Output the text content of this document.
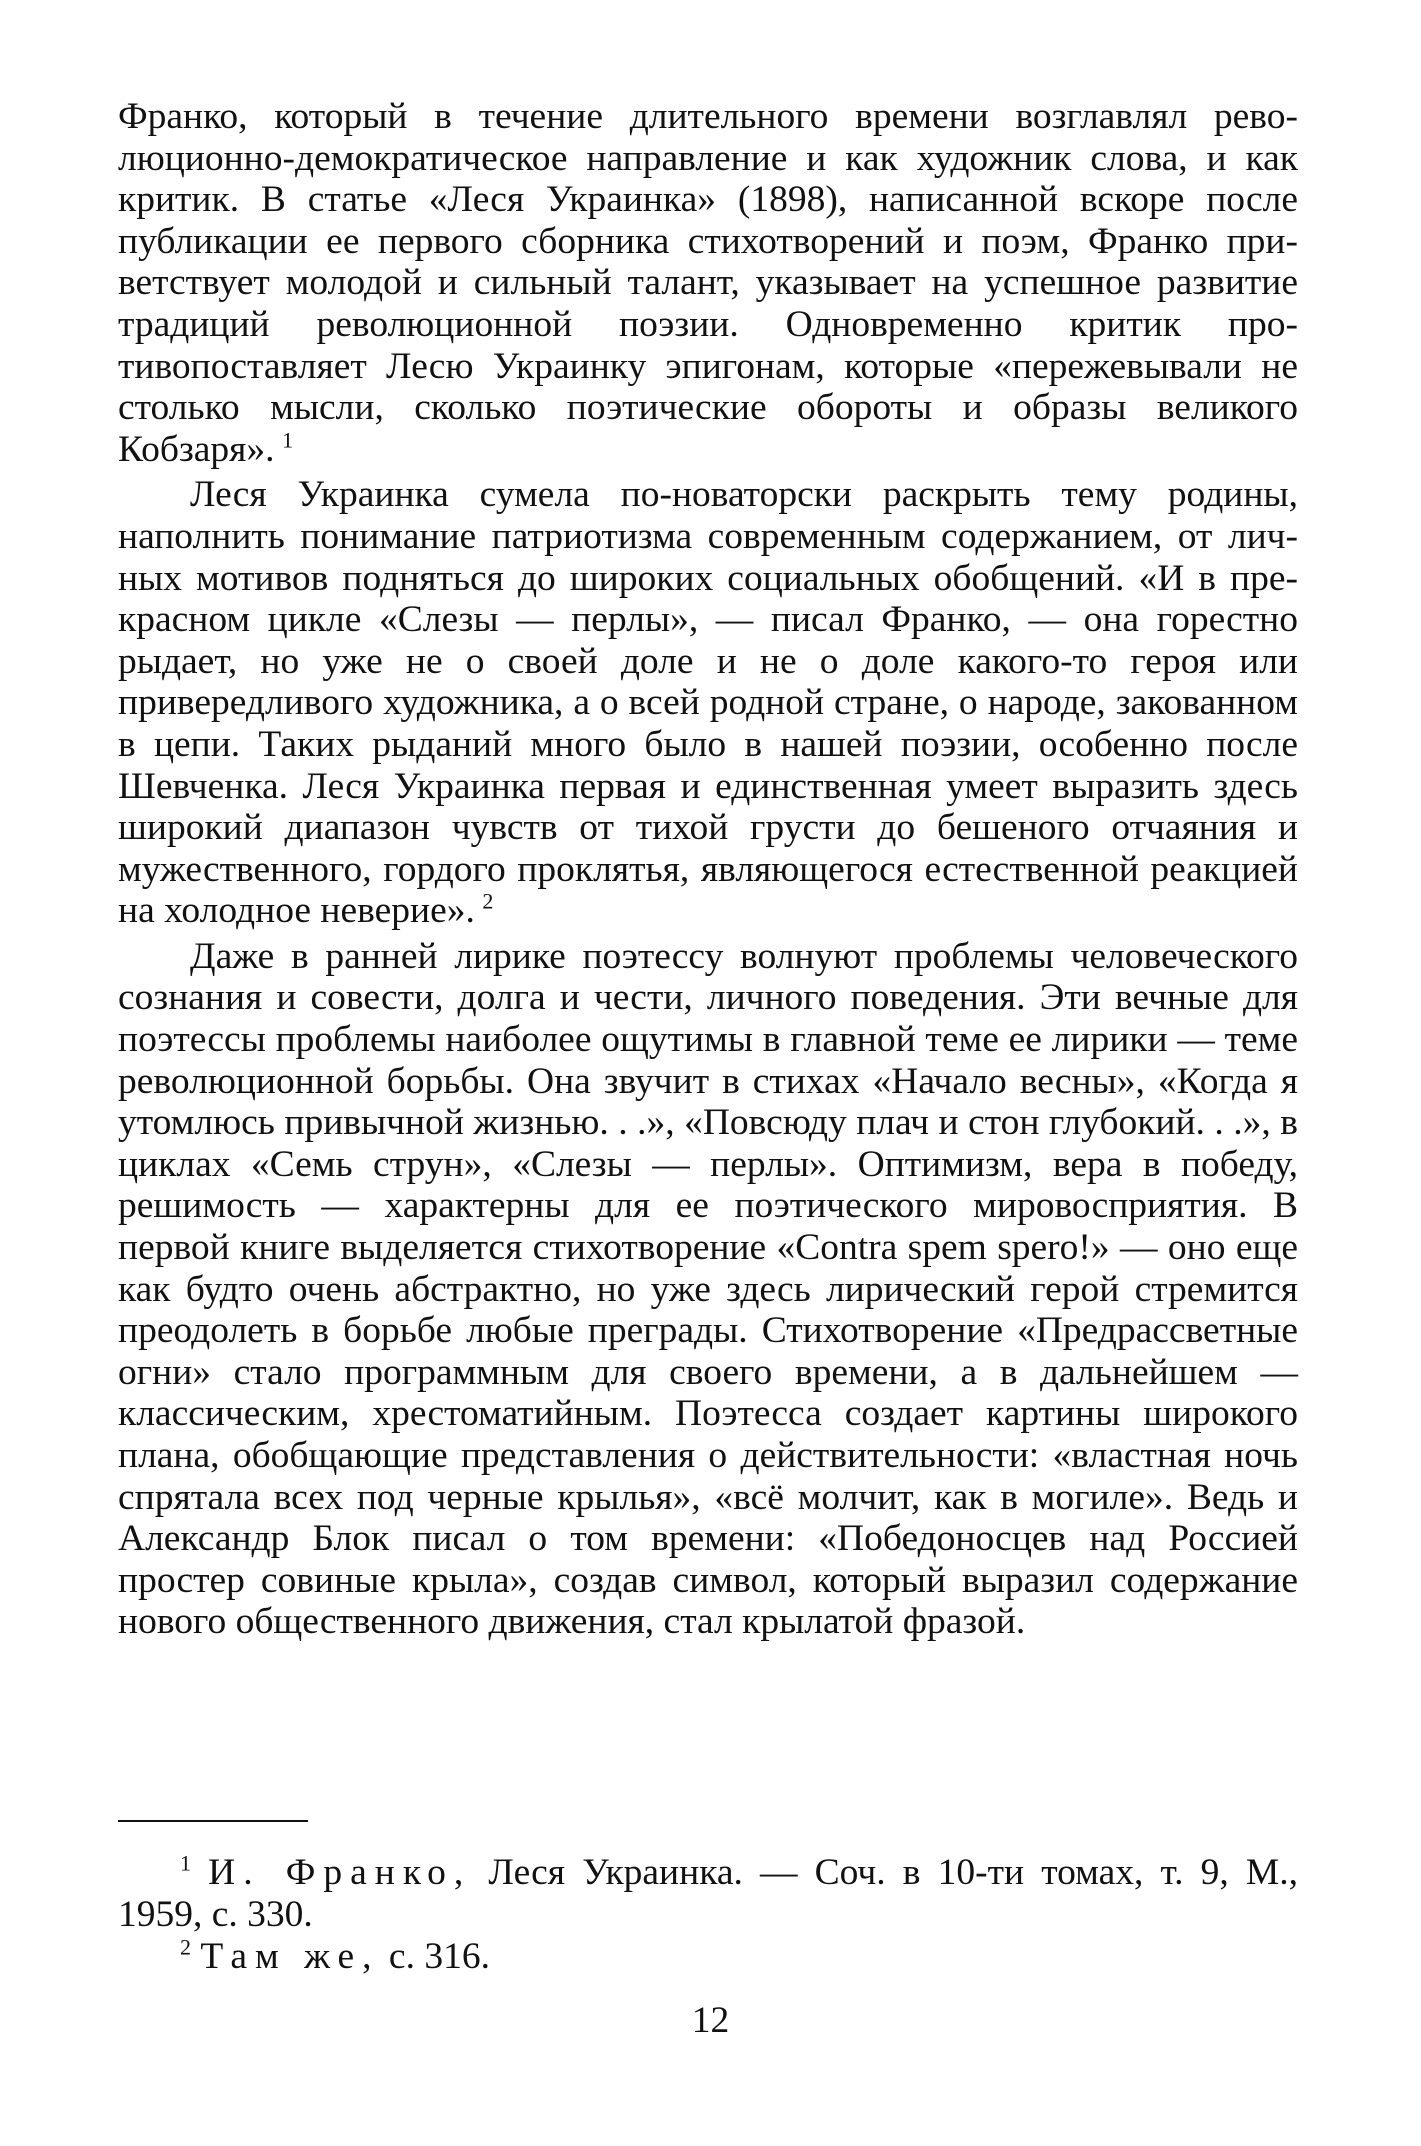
Франко, который в течение длительного времени возглавлял революционно-демократическое направление и как художник слова, и как критик. В статье «Леся Украинка» (1898), написанной вскоре после публикации ее первого сборника стихотворений и поэм, Франко приветствует молодой и сильный талант, указывает на успешное развитие традиций революционной поэзии. Одновременно критик противопоставляет Лесю Украинку эпигонам, которые «пережевывали не столько мысли, сколько поэтические обороты и образы великого Кобзаря».  $^1$

Леся Украинка сумела по-новаторски раскрыть тему родины, наполнить понимание патриотизма современным содержанием, от личных мотивов подняться до широких социальных обобщений. «И в прекрасном цикле «Слезы — перлы», — писал Франко, — она горестно рыдает, но уже не о своей доле и не о доле какого-то героя или привередливого художника, а о всей родной стране, о народе, закованном в цепи. Таких рыданий много было в нашей поэзии, особенно после Шевченка. Леся Украинка первая и единственная умеет выразить здесь широкий диапазон чувств от тихой грусти до бешеного отчаяния и мужественного, гордого проклятья, являющегося естественной реакцией на холодное неверие».  $^2$

Даже в ранней лирике поэтессу волнуют проблемы человеческого сознания и совести, долга и чести, личного поведения. Эти вечные для поэтессы проблемы наиболее ощутимы в главной теме ее лирики — теме революционной борьбы. Она звучит в стихах «Начало весны», «Когда я утомлюсь привычной жизнью. . .», «Повсюду плач и стон глубокий. . .», в циклах «Семь струн», «Слезы — перлы». Оптимизм, вера в победу, решимость — характерны для ее поэтического мировосприятия. В первой книге выделяется стихотворение «Contra spem spero!» — оно еще как будто очень абстрактно, но уже здесь лирический герой стремится преодолеть в борьбе любые преграды. Стихотворение «Предрассветные огни» стало программным для своего времени, а в дальнейшем — классическим, хрестоматийным. Поэтесса создает картины широкого плана, обобщающие представления о действительности: «властная ночь спрятала всех под черные крылья», «всё молчит, как в могиле». Ведь и Александр Блок писал о том времени: «Победоносцев над Россией простер совиные крыла», создав символ, который выразил содержание нового общественного движения, стал крылатой фразой.

$^1$ И. Франко, Леся Украинка. — Соч. в 10-ти томах, т. 9, М., 1959, с. 330.

$^2$ Там же, с. 316.

12
